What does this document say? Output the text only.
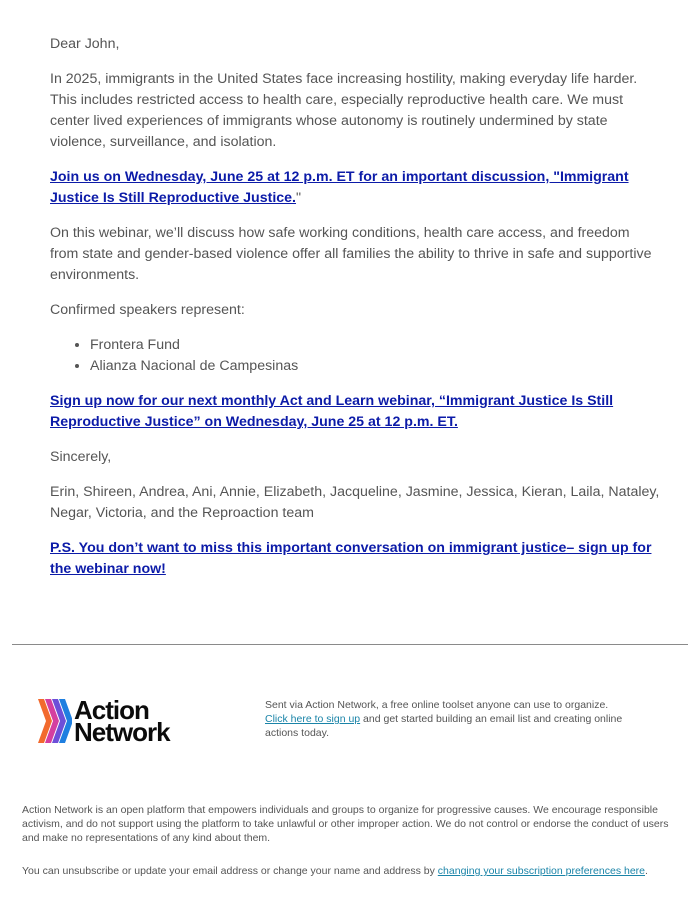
Dear John,

In 2025, immigrants in the United States face increasing hostility, making everyday life harder. This includes restricted access to health care, especially reproductive health care. We must center lived experiences of immigrants whose autonomy is routinely undermined by state violence, surveillance, and isolation.

Join us on Wednesday, June 25 at 12 p.m. ET for an important discussion, "Immigrant Justice Is Still Reproductive Justice."

On this webinar, we’ll discuss how safe working conditions, health care access, and freedom from state and gender-based violence offer all families the ability to thrive in safe and supportive environments.

Confirmed speakers represent:

• Frontera Fund
• Alianza Nacional de Campesinas

Sign up now for our next monthly Act and Learn webinar, “Immigrant Justice Is Still Reproductive Justice” on Wednesday, June 25 at 12 p.m. ET.

Sincerely,

Erin, Shireen, Andrea, Ani, Annie, Elizabeth, Jacqueline, Jasmine, Jessica, Kieran, Laila, Nataley, Negar, Victoria, and the Reproaction team

P.S. You don’t want to miss this important conversation on immigrant justice– sign up for the webinar now!

Action
Network
Sent via Action Network, a free online toolset anyone can use to organize.
Click here to sign up and get started building an email list and creating online actions today.
Action Network is an open platform that empowers individuals and groups to organize for progressive causes. We encourage responsible activism, and do not support using the platform to take unlawful or other improper action. We do not control or endorse the conduct of users and make no representations of any kind about them.
You can unsubscribe or update your email address or change your name and address by changing your subscription preferences here.
